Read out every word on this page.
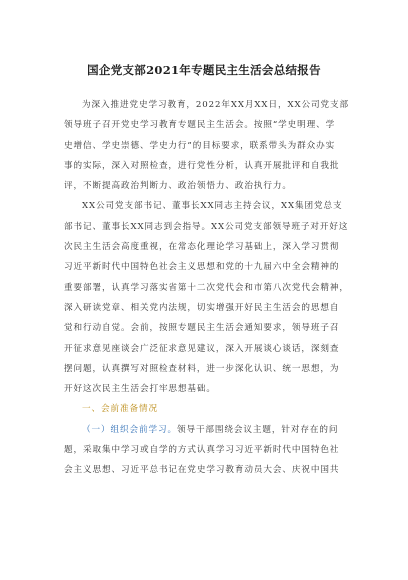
国企党支部2021年专题民主生活会总结报告
为深入推进党史学习教育，2022年XX月XX日，XX公司党支部
领导班子召开党史学习教育专题民主生活会。按照“学史明理、学
史增信、学史崇德、学史力行”的目标要求，联系带头为群众办实
事的实际，深入对照检查，进行党性分析，认真开展批评和自我批
评，不断提高政治判断力、政治领悟力、政治执行力。
XX公司党支部书记、董事长XX同志主持会议，XX集团党总支
部书记、董事长XX同志到会指导。XX公司党支部领导班子对开好这
次民主生活会高度重视，在常态化理论学习基础上，深入学习贯彻
习近平新时代中国特色社会主义思想和党的十九届六中全会精神的
重要部署，认真学习落实省第十二次党代会和市第八次党代会精神，
深入研读党章、相关党内法规，切实增强开好民主生活会的思想自
觉和行动自觉。会前，按照专题民主生活会通知要求，领导班子召
开征求意见座谈会广泛征求意见建议，深入开展谈心谈话，深刻查
摆问题，认真撰写对照检查材料，进一步深化认识、统一思想，为
开好这次民主生活会打牢思想基础。
一、会前准备情况
（一）组织会前学习。领导干部围绕会议主题，针对存在的问
题，采取集中学习或自学的方式认真学习习近平新时代中国特色社
会主义思想、习近平总书记在党史学习教育动员大会、庆祝中国共
